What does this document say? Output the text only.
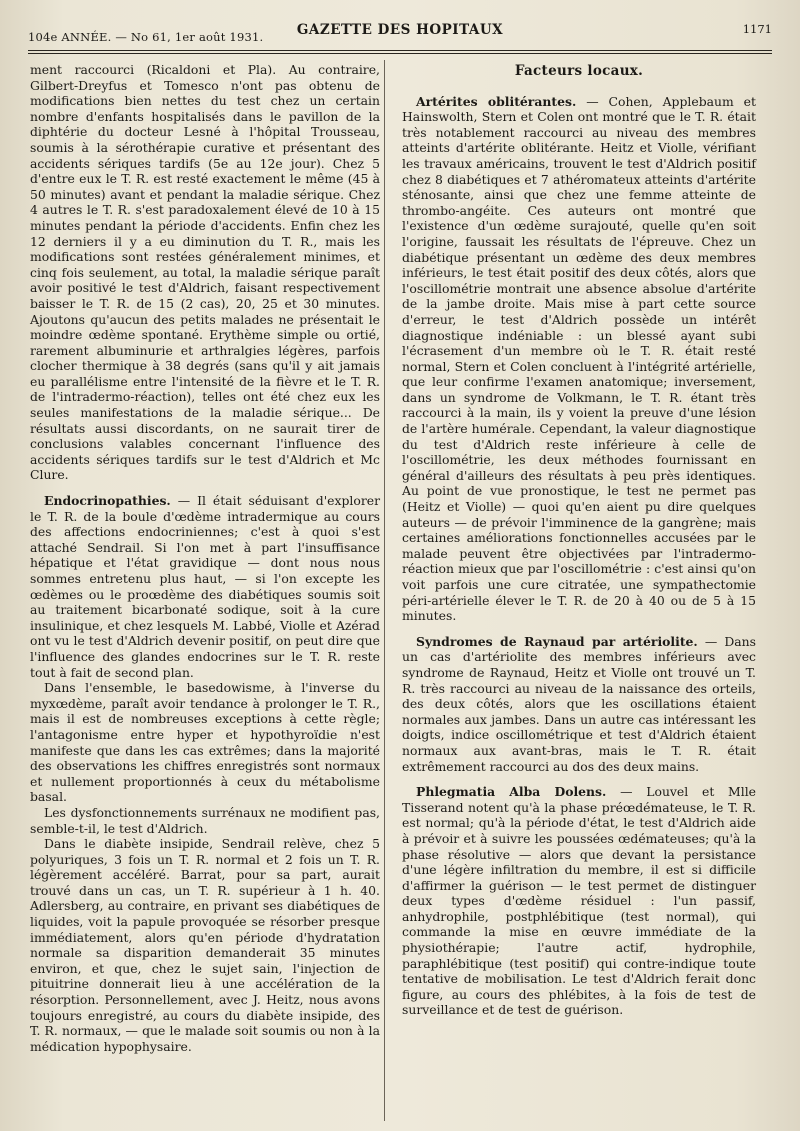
104e ANNÉE. — No 61, 1er août 1931.	GAZETTE DES HOPITAUX	1171

ment raccourci (Ricaldoni et Pla). Au contraire, Gilbert-Dreyfus et Tomesco n'ont pas obtenu de modifications bien nettes du test chez un certain nombre d'enfants hospitalisés dans le pavillon de la diphtérie du docteur Lesné à l'hôpital Trousseau, soumis à la sérothérapie curative et présentant des accidents sériques tardifs (5e au 12e jour). Chez 5 d'entre eux le T. R. est resté exactement le même (45 à 50 minutes) avant et pendant la maladie sérique. Chez 4 autres le T. R. s'est paradoxalement élevé de 10 à 15 minutes pendant la période d'accidents. Enfin chez les 12 derniers il y a eu diminution du T. R., mais les modifications sont restées généralement minimes, et cinq fois seulement, au total, la maladie sérique paraît avoir positivé le test d'Aldrich, faisant respectivement baisser le T. R. de 15 (2 cas), 20, 25 et 30 minutes. Ajoutons qu'aucun des petits malades ne présentait le moindre œdème spontané. Erythème simple ou ortié, rarement albuminurie et arthralgies légères, parfois clocher thermique à 38 degrés (sans qu'il y ait jamais eu parallélisme entre l'intensité de la fièvre et le T. R. de l'intradermo-réaction), telles ont été chez eux les seules manifestations de la maladie sérique... De résultats aussi discordants, on ne saurait tirer de conclusions valables concernant l'influence des accidents sériques tardifs sur le test d'Aldrich et Mc Clure.

Endocrinopathies. — Il était séduisant d'explorer le T. R. de la boule d'œdème intradermique au cours des affections endocriniennes; c'est à quoi s'est attaché Sendrail. Si l'on met à part l'insuffisance hépatique et l'état gravidique — dont nous nous sommes entretenu plus haut, — si l'on excepte les œdèmes ou le proœdème des diabétiques soumis soit au traitement bicarbonaté sodique, soit à la cure insulinique, et chez lesquels M. Labbé, Violle et Azérad ont vu le test d'Aldrich devenir positif, on peut dire que l'influence des glandes endocrines sur le T. R. reste tout à fait de second plan.

Dans l'ensemble, le basedowisme, à l'inverse du myxœdème, paraît avoir tendance à prolonger le T. R., mais il est de nombreuses exceptions à cette règle; l'antagonisme entre hyper et hypothyroïdie n'est manifeste que dans les cas extrêmes; dans la majorité des observations les chiffres enregistrés sont normaux et nullement proportionnés à ceux du métabolisme basal.

Les dysfonctionnements surrénaux ne modifient pas, semble-t-il, le test d'Aldrich.

Dans le diabète insipide, Sendrail relève, chez 5 polyuriques, 3 fois un T. R. normal et 2 fois un T. R. légèrement accéléré. Barrat, pour sa part, aurait trouvé dans un cas, un T. R. supérieur à 1 h. 40. Adlersberg, au contraire, en privant ses diabétiques de liquides, voit la papule provoquée se résorber presque immédiatement, alors qu'en période d'hydratation normale sa disparition demanderait 35 minutes environ, et que, chez le sujet sain, l'injection de pituitrine donnerait lieu à une accélération de la résorption. Personnellement, avec J. Heitz, nous avons toujours enregistré, au cours du diabète insipide, des T. R. normaux, — que le malade soit soumis ou non à la médication hypophysaire.

Facteurs locaux.

Artérites oblitérantes. — Cohen, Applebaum et Hainswolth, Stern et Colen ont montré que le T. R. était très notablement raccourci au niveau des membres atteints d'artérite oblitérante. Heitz et Violle, vérifiant les travaux américains, trouvent le test d'Aldrich positif chez 8 diabétiques et 7 athéromateux atteints d'artérite sténosante, ainsi que chez une femme atteinte de thrombo-angéite. Ces auteurs ont montré que l'existence d'un œdème surajouté, quelle qu'en soit l'origine, faussait les résultats de l'épreuve. Chez un diabétique présentant un œdème des deux membres inférieurs, le test était positif des deux côtés, alors que l'oscillométrie montrait une absence absolue d'artérite de la jambe droite. Mais mise à part cette source d'erreur, le test d'Aldrich possède un intérêt diagnostique indéniable : un blessé ayant subi l'écrasement d'un membre où le T. R. était resté normal, Stern et Colen concluent à l'intégrité artérielle, que leur confirme l'examen anatomique; inversement, dans un syndrome de Volkmann, le T. R. étant très raccourci à la main, ils y voient la preuve d'une lésion de l'artère humérale. Cependant, la valeur diagnostique du test d'Aldrich reste inférieure à celle de l'oscillométrie, les deux méthodes fournissant en général d'ailleurs des résultats à peu près identiques. Au point de vue pronostique, le test ne permet pas (Heitz et Violle) — quoi qu'en aient pu dire quelques auteurs — de prévoir l'imminence de la gangrène; mais certaines améliorations fonctionnelles accusées par le malade peuvent être objectivées par l'intradermo-réaction mieux que par l'oscillométrie : c'est ainsi qu'on voit parfois une cure citratée, une sympathectomie péri-artérielle élever le T. R. de 20 à 40 ou de 5 à 15 minutes.

Syndromes de Raynaud par artériolite. — Dans un cas d'artériolite des membres inférieurs avec syndrome de Raynaud, Heitz et Violle ont trouvé un T. R. très raccourci au niveau de la naissance des orteils, des deux côtés, alors que les oscillations étaient normales aux jambes. Dans un autre cas intéressant les doigts, indice oscillométrique et test d'Aldrich étaient normaux aux avant-bras, mais le T. R. était extrêmement raccourci au dos des deux mains.

Phlegmatia Alba Dolens. — Louvel et Mlle Tisserand notent qu'à la phase préœdémateuse, le T. R. est normal; qu'à la période d'état, le test d'Aldrich aide à prévoir et à suivre les poussées œdémateuses; qu'à la phase résolutive — alors que devant la persistance d'une légère infiltration du membre, il est si difficile d'affirmer la guérison — le test permet de distinguer deux types d'œdème résiduel : l'un passif, anhydrophile, postphlébitique (test normal), qui commande la mise en œuvre immédiate de la physiothérapie; l'autre actif, hydrophile, paraphlébitique (test positif) qui contre-indique toute tentative de mobilisation. Le test d'Aldrich ferait donc figure, au cours des phlébites, à la fois de test de surveillance et de test de guérison.
